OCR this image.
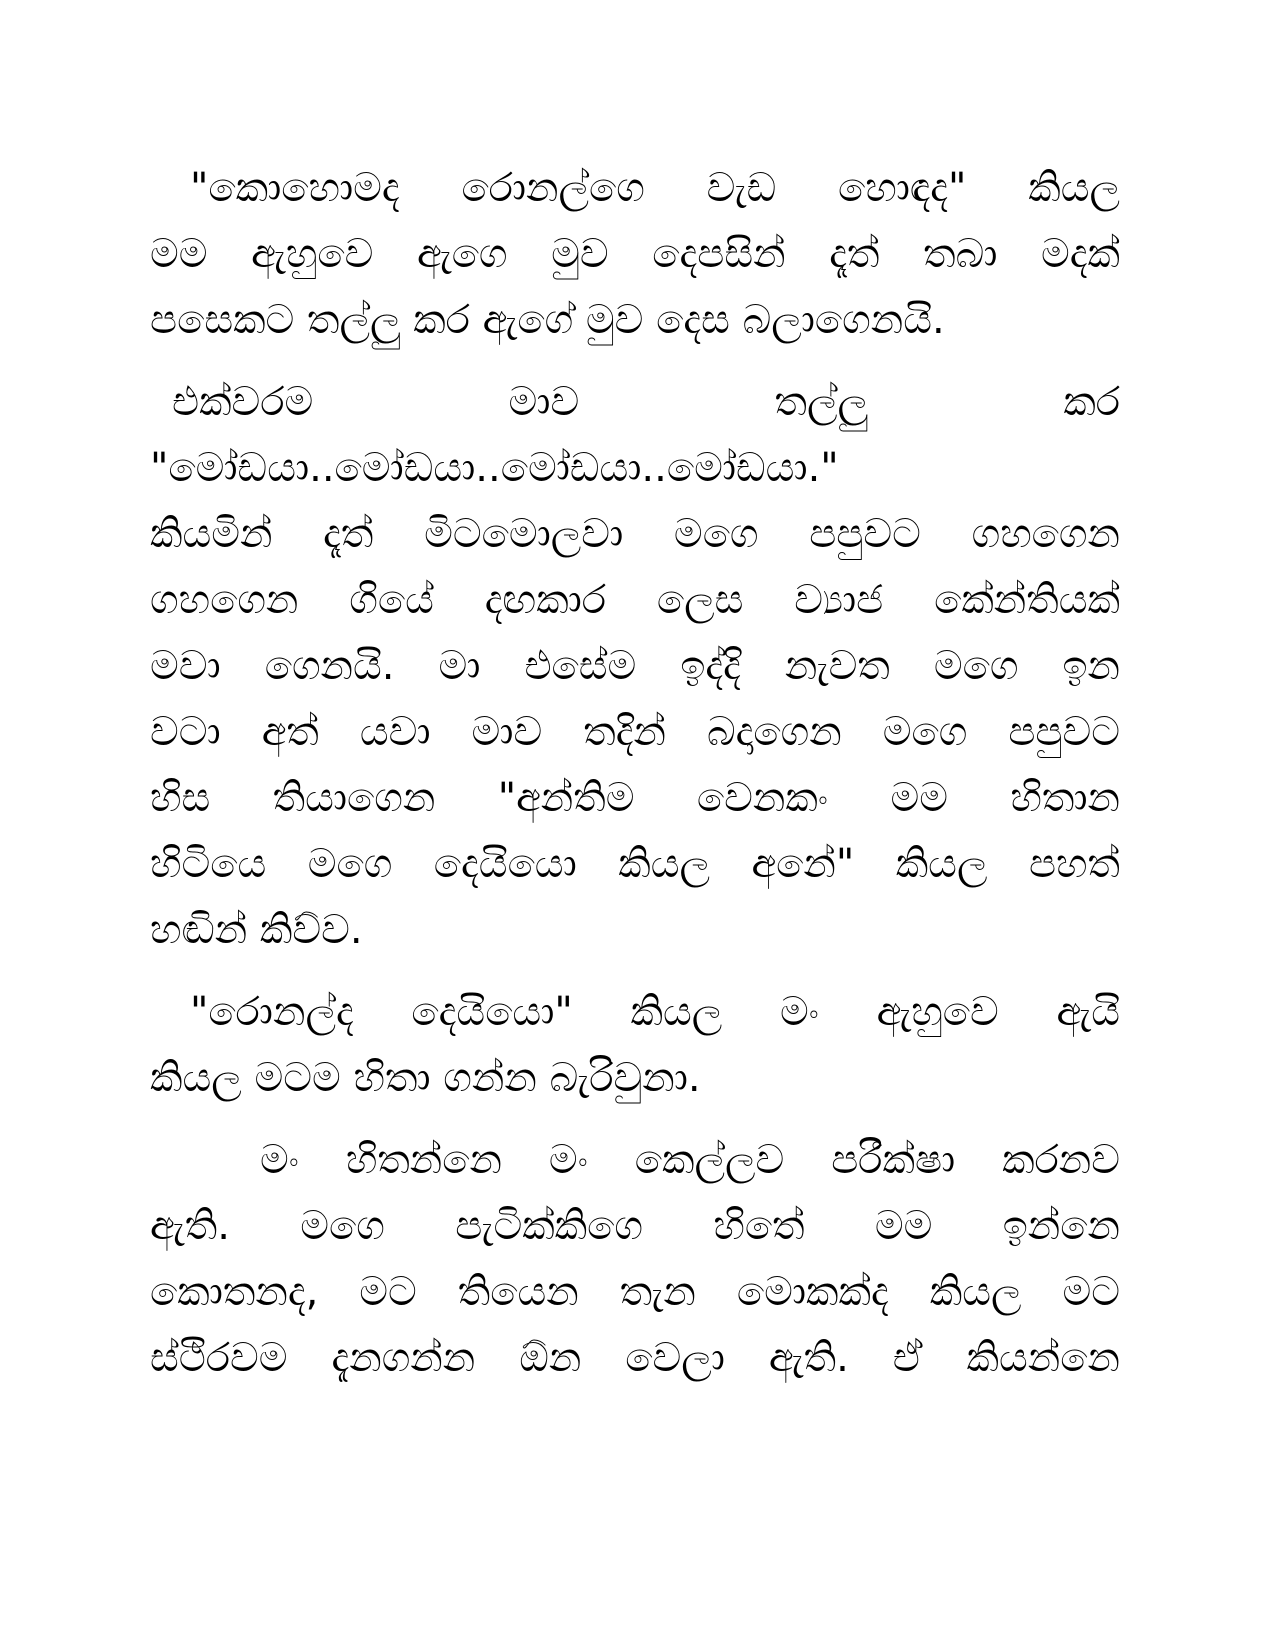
"කොහොමද රොනල්ගෙ වැඩ හොඳද" කියල
මම ඇහුවෙ ඇගෙ මුව දෙපසින් දෑත් තබා මදක්
පසෙකට තල්ලු කර ඇගේ මුව දෙස බලාගෙනයි.
එක්වරම මාව තල්ලු කර
"මෝඩයා..මෝඩයා..මෝඩයා..මෝඩයා."
කියමින් දෑත් මිටමොලවා මගෙ පපුවට ගහගෙන
ගහගෙන ගියේ දඟකාර ලෙස ව්‍යාජ කේන්තියක්
මවා ගෙනයි. මා එසේම ඉද්දි නැවත මගෙ ඉන
වටා අත් යවා මාව තදින් බදාගෙන මගෙ පපුවට
හිස තියාගෙන "අන්තිම වෙනකං මම හිතාන
හිටියෙ මගෙ දෙයියො කියල අනේ" කියල පහත්
හඬින් කිව්ව.
"රොනල්ද දෙයියො" කියල මං ඇහුවෙ ඇයි
කියල මටම හිතා ගන්න බැරිවුනා.
මං හිතන්නෙ මං කෙල්ලව පරීක්ෂා කරනව
ඇති. මගෙ පැටික්කිගෙ හිතේ මම ඉන්නෙ
කොතනද, මට තියෙන තැන මොකක්ද කියල මට
ස්ථිරවම දැනගන්න ඕන වෙලා ඇති. ඒ කියන්නෙ
